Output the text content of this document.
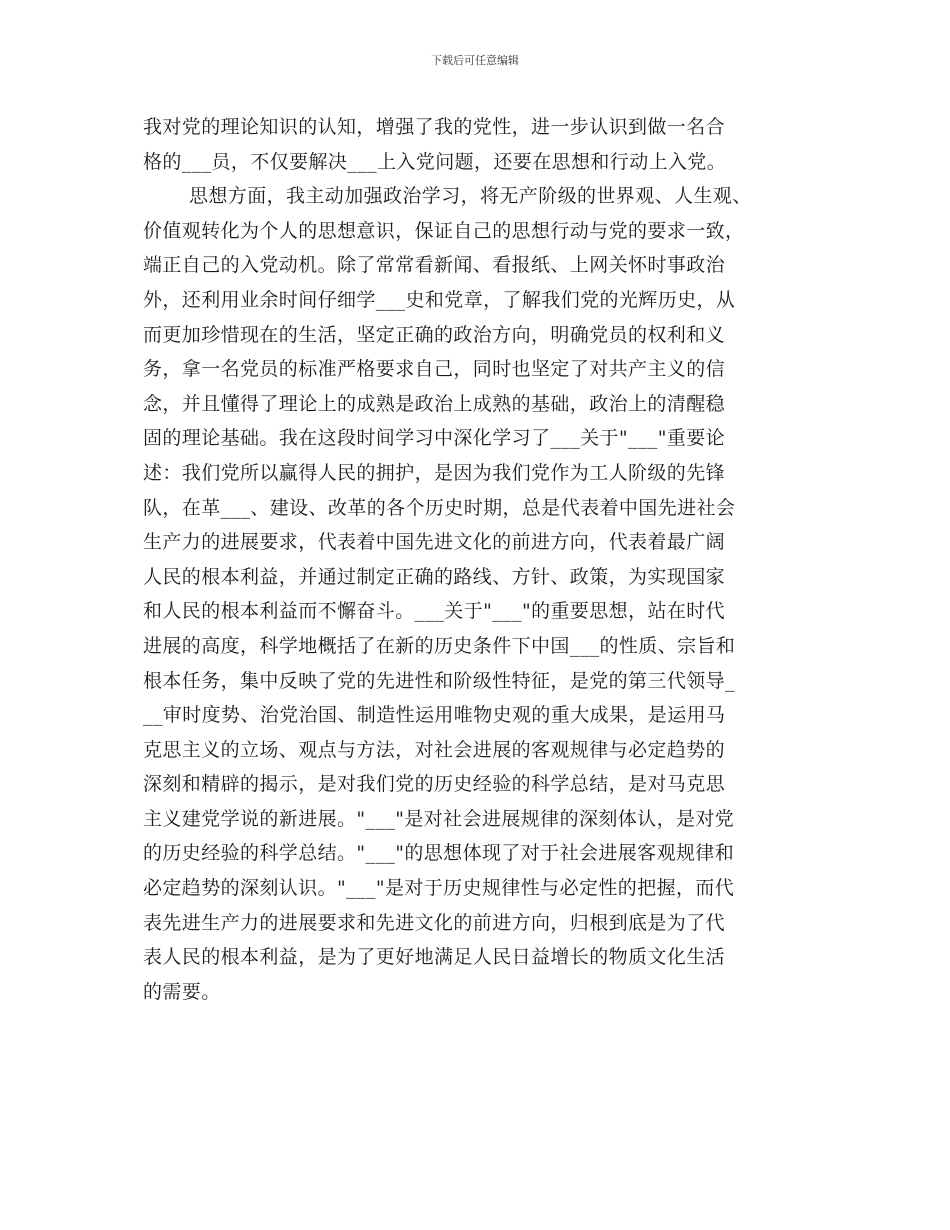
下载后可任意编辑
我对党的理论知识的认知，增强了我的党性，进一步认识到做一名合
格的___员，不仅要解决___上入党问题，还要在思想和行动上入党。
思想方面，我主动加强政治学习，将无产阶级的世界观、人生观、
价值观转化为个人的思想意识，保证自己的思想行动与党的要求一致，
端正自己的入党动机。除了常常看新闻、看报纸、上网关怀时事政治
外，还利用业余时间仔细学___史和党章，了解我们党的光辉历史，从
而更加珍惜现在的生活，坚定正确的政治方向，明确党员的权利和义
务，拿一名党员的标准严格要求自己，同时也坚定了对共产主义的信
念，并且懂得了理论上的成熟是政治上成熟的基础，政治上的清醒稳
固的理论基础。我在这段时间学习中深化学习了___关于"___"重要论
述：我们党所以赢得人民的拥护，是因为我们党作为工人阶级的先锋
队，在革___、建设、改革的各个历史时期，总是代表着中国先进社会
生产力的进展要求，代表着中国先进文化的前进方向，代表着最广阔
人民的根本利益，并通过制定正确的路线、方针、政策，为实现国家
和人民的根本利益而不懈奋斗。___关于"___"的重要思想，站在时代
进展的高度，科学地概括了在新的历史条件下中国___的性质、宗旨和
根本任务，集中反映了党的先进性和阶级性特征，是党的第三代领导_
__审时度势、治党治国、制造性运用唯物史观的重大成果，是运用马
克思主义的立场、观点与方法，对社会进展的客观规律与必定趋势的
深刻和精辟的揭示，是对我们党的历史经验的科学总结，是对马克思
主义建党学说的新进展。"___"是对社会进展规律的深刻体认，是对党
的历史经验的科学总结。"___"的思想体现了对于社会进展客观规律和
必定趋势的深刻认识。"___"是对于历史规律性与必定性的把握，而代
表先进生产力的进展要求和先进文化的前进方向，归根到底是为了代
表人民的根本利益，是为了更好地满足人民日益增长的物质文化生活
的需要。
